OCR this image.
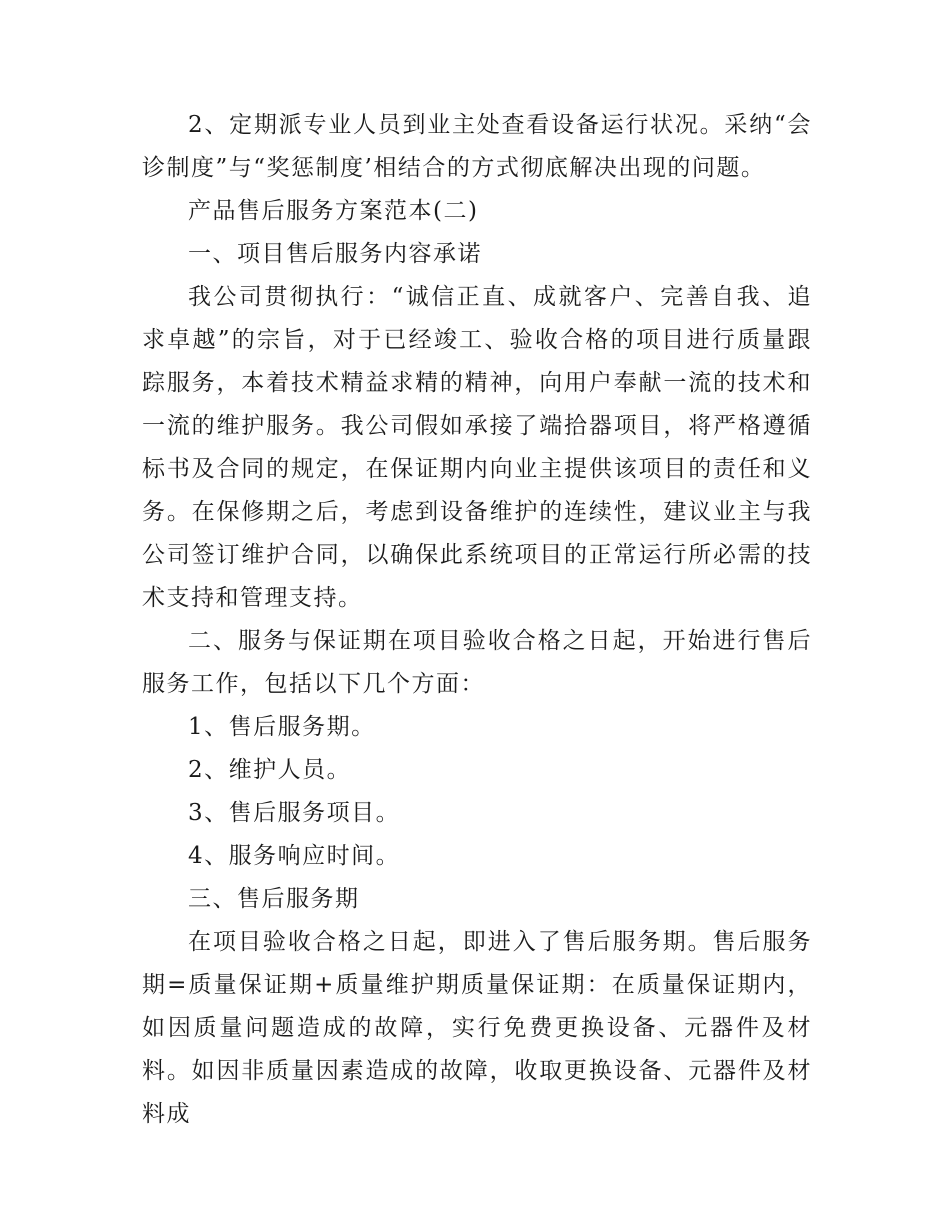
2、定期派专业人员到业主处查看设备运行状况。采纳“会诊制度”与“奖惩制度’相结合的方式彻底解决出现的问题。

产品售后服务方案范本(二)

一、项目售后服务内容承诺

我公司贯彻执行：“诚信正直、成就客户、完善自我、追求卓越”的宗旨，对于已经竣工、验收合格的项目进行质量跟踪服务，本着技术精益求精的精神，向用户奉献一流的技术和一流的维护服务。我公司假如承接了端拾器项目，将严格遵循标书及合同的规定，在保证期内向业主提供该项目的责任和义务。在保修期之后，考虑到设备维护的连续性，建议业主与我公司签订维护合同，以确保此系统项目的正常运行所必需的技术支持和管理支持。

二、服务与保证期在项目验收合格之日起，开始进行售后服务工作，包括以下几个方面：

1、售后服务期。

2、维护人员。

3、售后服务项目。

4、服务响应时间。

三、售后服务期

在项目验收合格之日起，即进入了售后服务期。售后服务期=质量保证期+质量维护期质量保证期：在质量保证期内，如因质量问题造成的故障，实行免费更换设备、元器件及材料。如因非质量因素造成的故障，收取更换设备、元器件及材料成
